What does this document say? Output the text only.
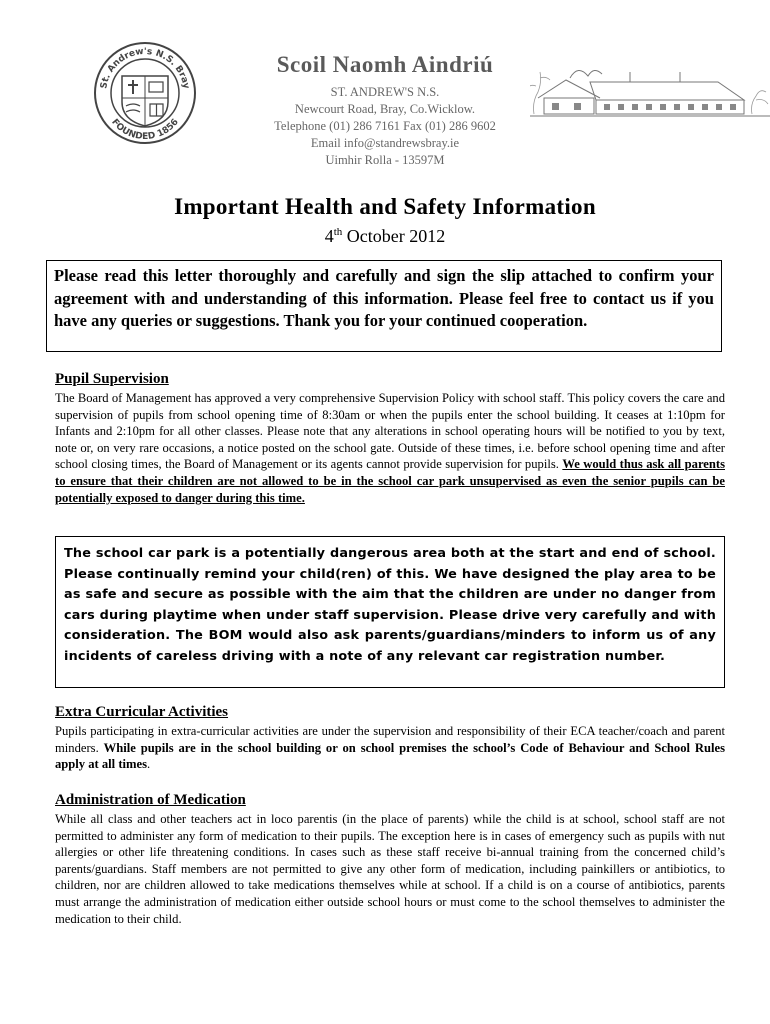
St. Andrew's N.S. Bray
FOUNDED 1856
Scoil Naomh Aindriú
ST. ANDREW'S N.S.
Newcourt Road, Bray, Co.Wicklow.
Telephone (01) 286 7161 Fax (01) 286 9602
Email info@standrewsbray.ie
Uimhir Rolla - 13597M
Important Health and Safety Information
4th October 2012
Please read this letter thoroughly and carefully and sign the slip attached to confirm your agreement with and understanding of this information. Please feel free to contact us if you have any queries or suggestions. Thank you for your continued cooperation.
Pupil Supervision
The Board of Management has approved a very comprehensive Supervision Policy with school staff. This policy covers the care and supervision of pupils from school opening time of 8:30am or when the pupils enter the school building. It ceases at 1:10pm for Infants and 2:10pm for all other classes. Please note that any alterations in school operating hours will be notified to you by text, note or, on very rare occasions, a notice posted on the school gate. Outside of these times, i.e. before school opening time and after school closing times, the Board of Management or its agents cannot provide supervision for pupils. We would thus ask all parents to ensure that their children are not allowed to be in the school car park unsupervised as even the senior pupils can be potentially exposed to danger during this time.
The school car park is a potentially dangerous area both at the start and end of school. Please continually remind your child(ren) of this. We have designed the play area to be as safe and secure as possible with the aim that the children are under no danger from cars during playtime when under staff supervision. Please drive very carefully and with consideration. The BOM would also ask parents/guardians/minders to inform us of any incidents of careless driving with a note of any relevant car registration number.
Extra Curricular Activities
Pupils participating in extra-curricular activities are under the supervision and responsibility of their ECA teacher/coach and parent minders. While pupils are in the school building or on school premises the school’s Code of Behaviour and School Rules apply at all times.
Administration of Medication
While all class and other teachers act in loco parentis (in the place of parents) while the child is at school, school staff are not permitted to administer any form of medication to their pupils. The exception here is in cases of emergency such as pupils with nut allergies or other life threatening conditions. In cases such as these staff receive bi-annual training from the concerned child’s parents/guardians. Staff members are not permitted to give any other form of medication, including painkillers or antibiotics, to children, nor are children allowed to take medications themselves while at school. If a child is on a course of antibiotics, parents must arrange the administration of medication either outside school hours or must come to the school themselves to administer the medication to their child.
